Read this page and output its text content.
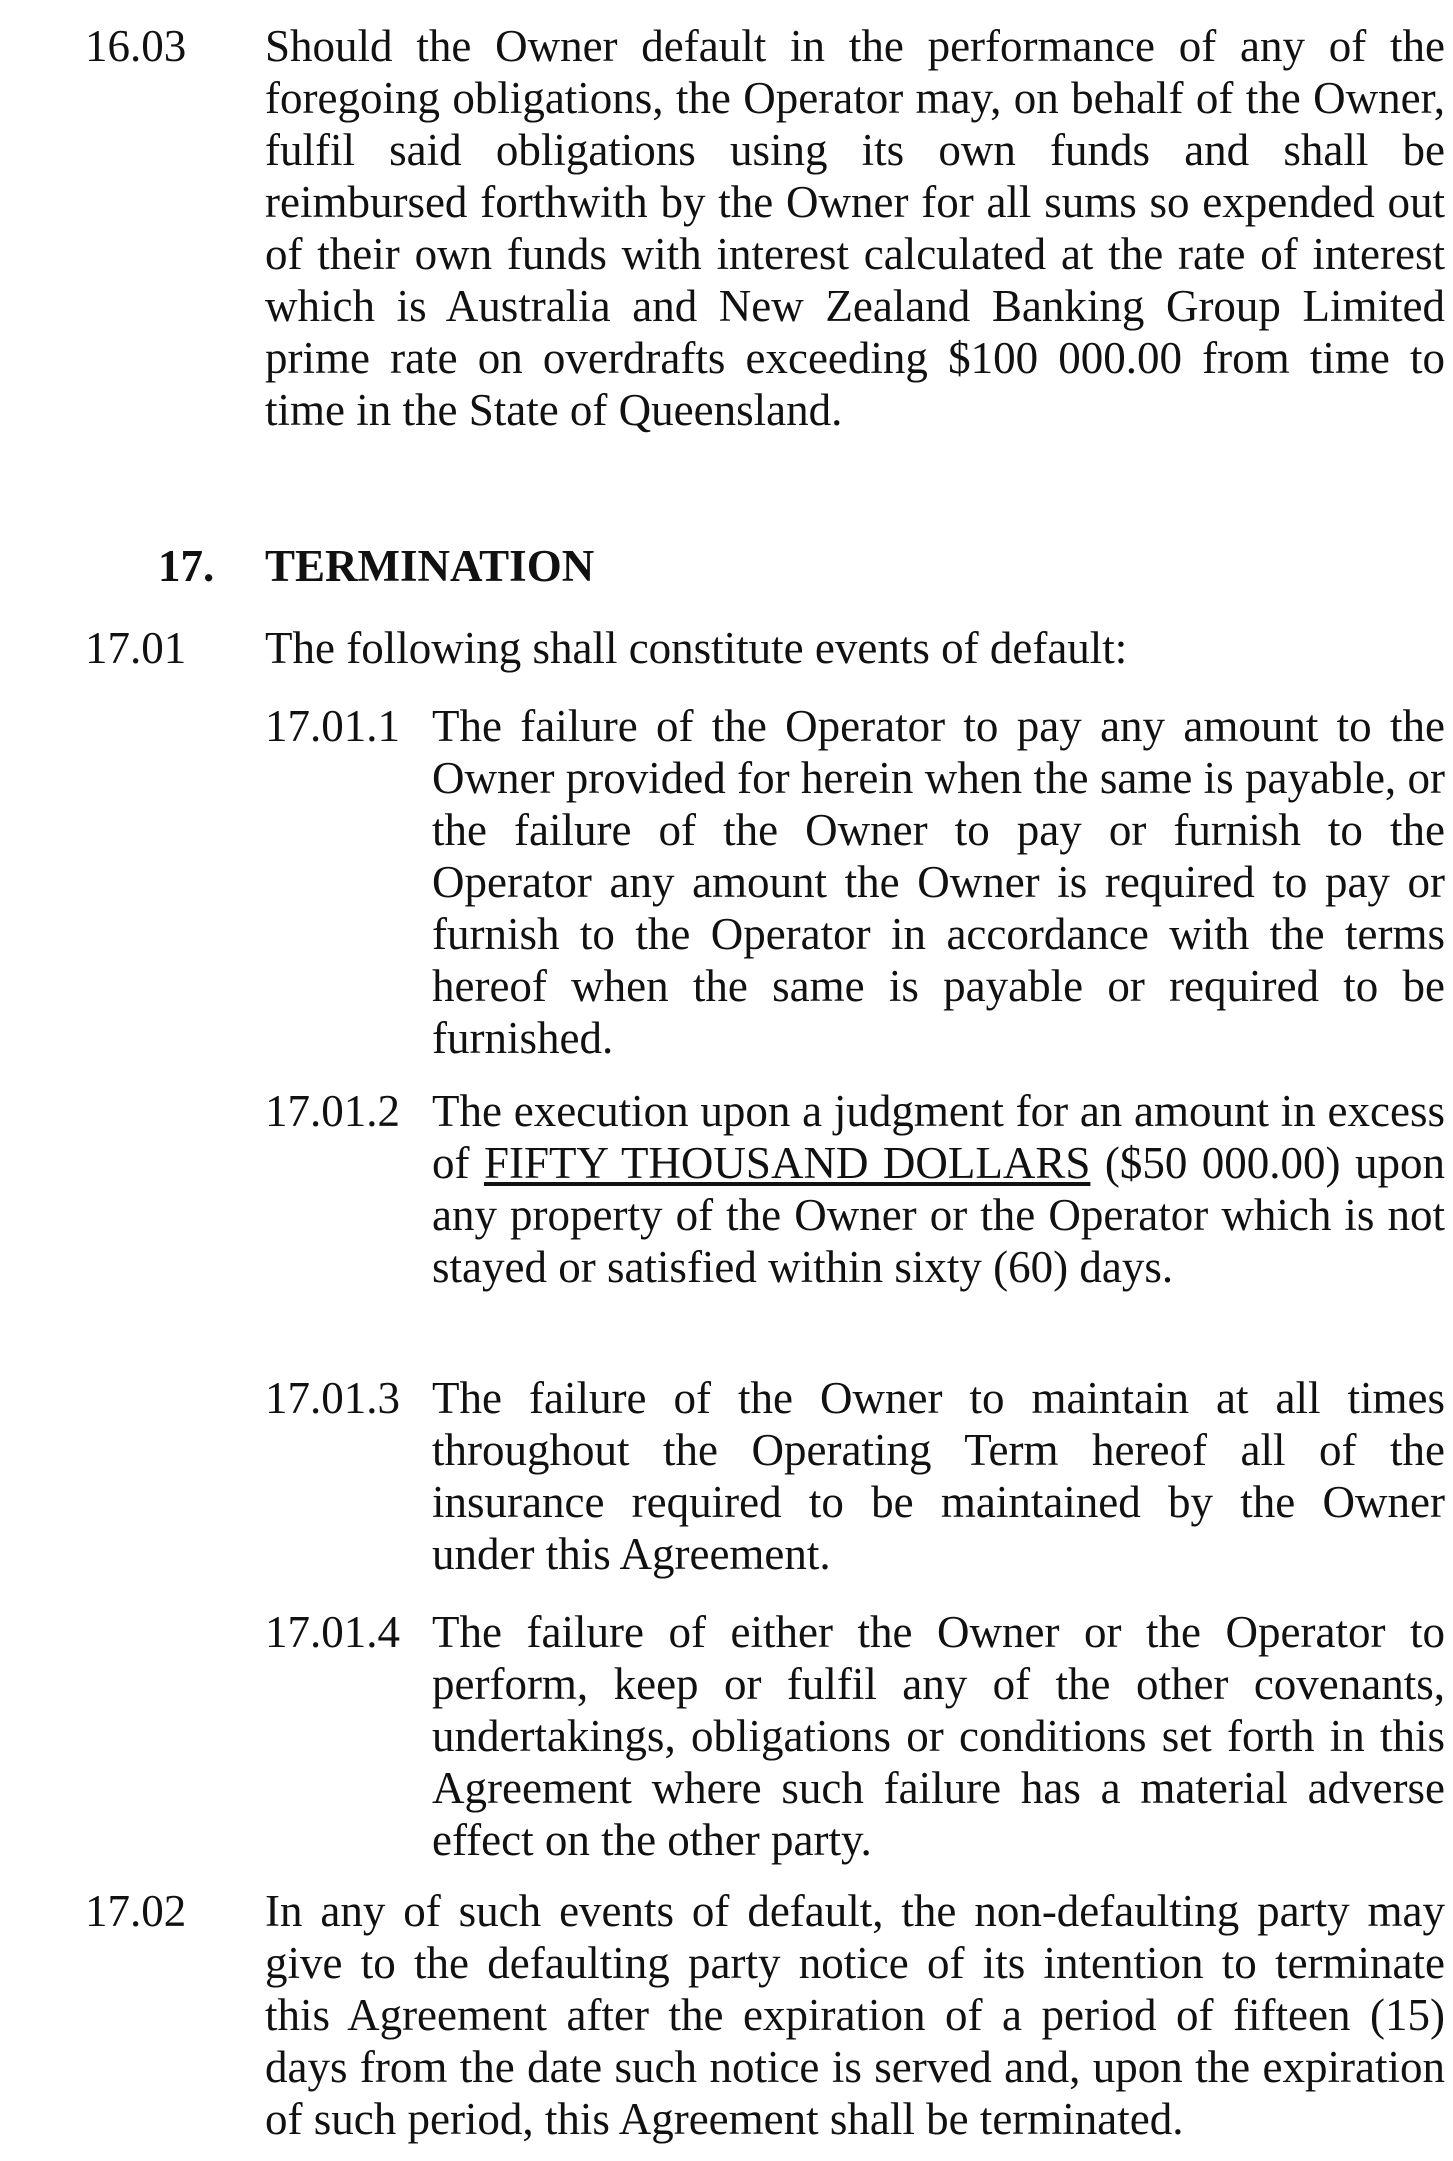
16.03 Should the Owner default in the performance of any of the foregoing obligations, the Operator may, on behalf of the Owner, fulfil said obligations using its own funds and shall be reimbursed forthwith by the Owner for all sums so expended out of their own funds with interest calculated at the rate of interest which is Australia and New Zealand Banking Group Limited prime rate on overdrafts exceeding $100 000.00 from time to time in the State of Queensland.
17. TERMINATION
17.01 The following shall constitute events of default:
17.01.1 The failure of the Operator to pay any amount to the Owner provided for herein when the same is payable, or the failure of the Owner to pay or furnish to the Operator any amount the Owner is required to pay or furnish to the Operator in accordance with the terms hereof when the same is payable or required to be furnished.
17.01.2 The execution upon a judgment for an amount in excess of FIFTY THOUSAND DOLLARS ($50 000.00) upon any property of the Owner or the Operator which is not stayed or satisfied within sixty (60) days.
17.01.3 The failure of the Owner to maintain at all times throughout the Operating Term hereof all of the insurance required to be maintained by the Owner under this Agreement.
17.01.4 The failure of either the Owner or the Operator to perform, keep or fulfil any of the other covenants, undertakings, obligations or conditions set forth in this Agreement where such failure has a material adverse effect on the other party.
17.02 In any of such events of default, the non-defaulting party may give to the defaulting party notice of its intention to terminate this Agreement after the expiration of a period of fifteen (15) days from the date such notice is served and, upon the expiration of such period, this Agreement shall be terminated.
